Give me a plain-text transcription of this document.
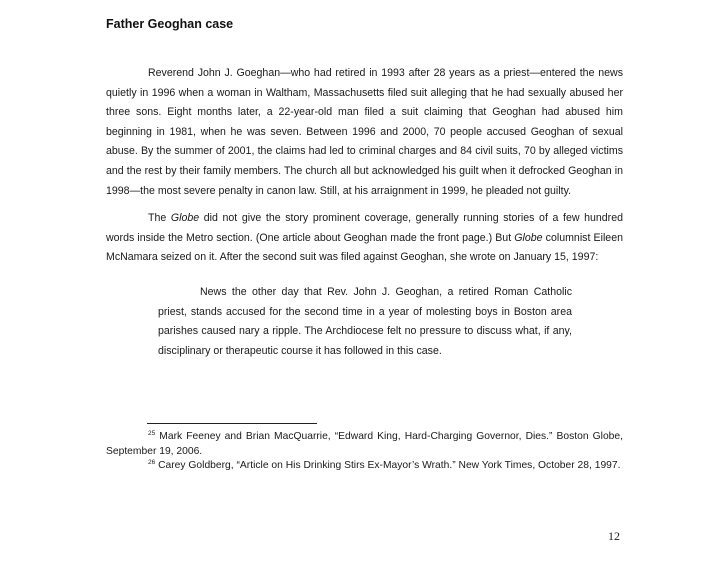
Father Geoghan case

Reverend John J. Goeghan—who had retired in 1993 after 28 years as a priest—entered the news quietly in 1996 when a woman in Waltham, Massachusetts filed suit alleging that he had sexually abused her three sons. Eight months later, a 22-year-old man filed a suit claiming that Geoghan had abused him beginning in 1981, when he was seven. Between 1996 and 2000, 70 people accused Geoghan of sexual abuse. By the summer of 2001, the claims had led to criminal charges and 84 civil suits, 70 by alleged victims and the rest by their family members. The church all but acknowledged his guilt when it defrocked Geoghan in 1998—the most severe penalty in canon law. Still, at his arraignment in 1999, he pleaded not guilty.

The Globe did not give the story prominent coverage, generally running stories of a few hundred words inside the Metro section. (One article about Geoghan made the front page.) But Globe columnist Eileen McNamara seized on it. After the second suit was filed against Geoghan, she wrote on January 15, 1997:

News the other day that Rev. John J. Geoghan, a retired Roman Catholic priest, stands accused for the second time in a year of molesting boys in Boston area parishes caused nary a ripple. The Archdiocese felt no pressure to discuss what, if any, disciplinary or therapeutic course it has followed in this case.

$^{25}$ Mark Feeney and Brian MacQuarrie, “Edward King, Hard-Charging Governor, Dies.” Boston Globe, September 19, 2006.

$^{26}$ Carey Goldberg, “Article on His Drinking Stirs Ex-Mayor’s Wrath.” New York Times, October 28, 1997.

12
